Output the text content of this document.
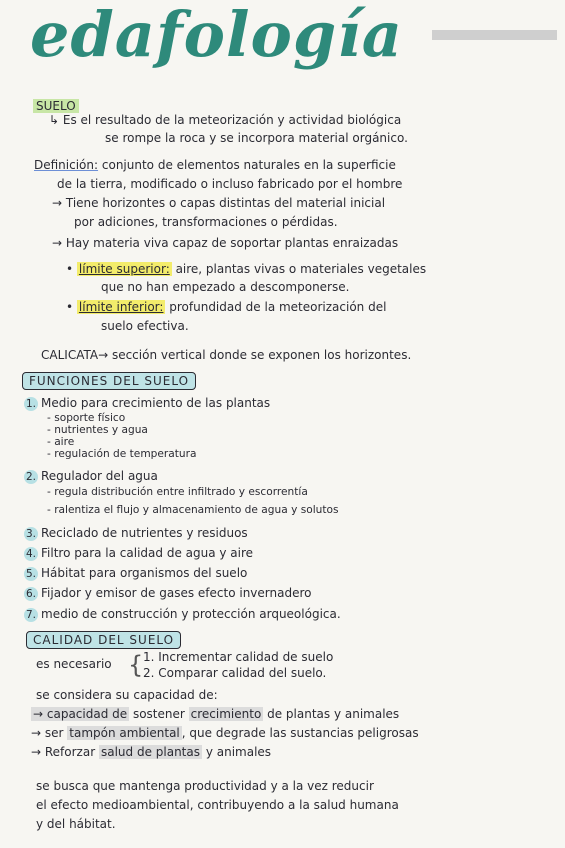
edafología
SUELO
↳ Es el resultado de la meteorización y actividad biológica
se rompe la roca y se incorpora material orgánico.
Definición: conjunto de elementos naturales en la superficie
de la tierra, modificado o incluso fabricado por el hombre
→ Tiene horizontes o capas distintas del material inicial
por adiciones, transformaciones o pérdidas.
→ Hay materia viva capaz de soportar plantas enraizadas
• límite superior: aire, plantas vivas o materiales vegetales
que no han empezado a descomponerse.
• límite inferior: profundidad de la meteorización del
suelo efectiva.
CALICATA→ sección vertical donde se exponen los horizontes.
FUNCIONES DEL SUELO
1. Medio para crecimiento de las plantas
- soporte físico
- nutrientes y agua
- aire
- regulación de temperatura
2. Regulador del agua
- regula distribución entre infiltrado y escorrentía
- ralentiza el flujo y almacenamiento de agua y solutos
3. Reciclado de nutrientes y residuos
4. Filtro para la calidad de agua y aire
5. Hábitat para organismos del suelo
6. Fijador y emisor de gases efecto invernadero
7. medio de construcción y protección arqueológica.
CALIDAD DEL SUELO
es necesario { 1. Incrementar calidad de suelo
2. Comparar calidad del suelo.
se considera su capacidad de:
→ capacidad de sostener crecimiento de plantas y animales
→ ser tampón ambiental , que degrade las sustancias peligrosas
→ Reforzar salud de plantas y animales
se busca que mantenga productividad y a la vez reducir
el efecto medioambiental, contribuyendo a la salud humana
y del hábitat.
